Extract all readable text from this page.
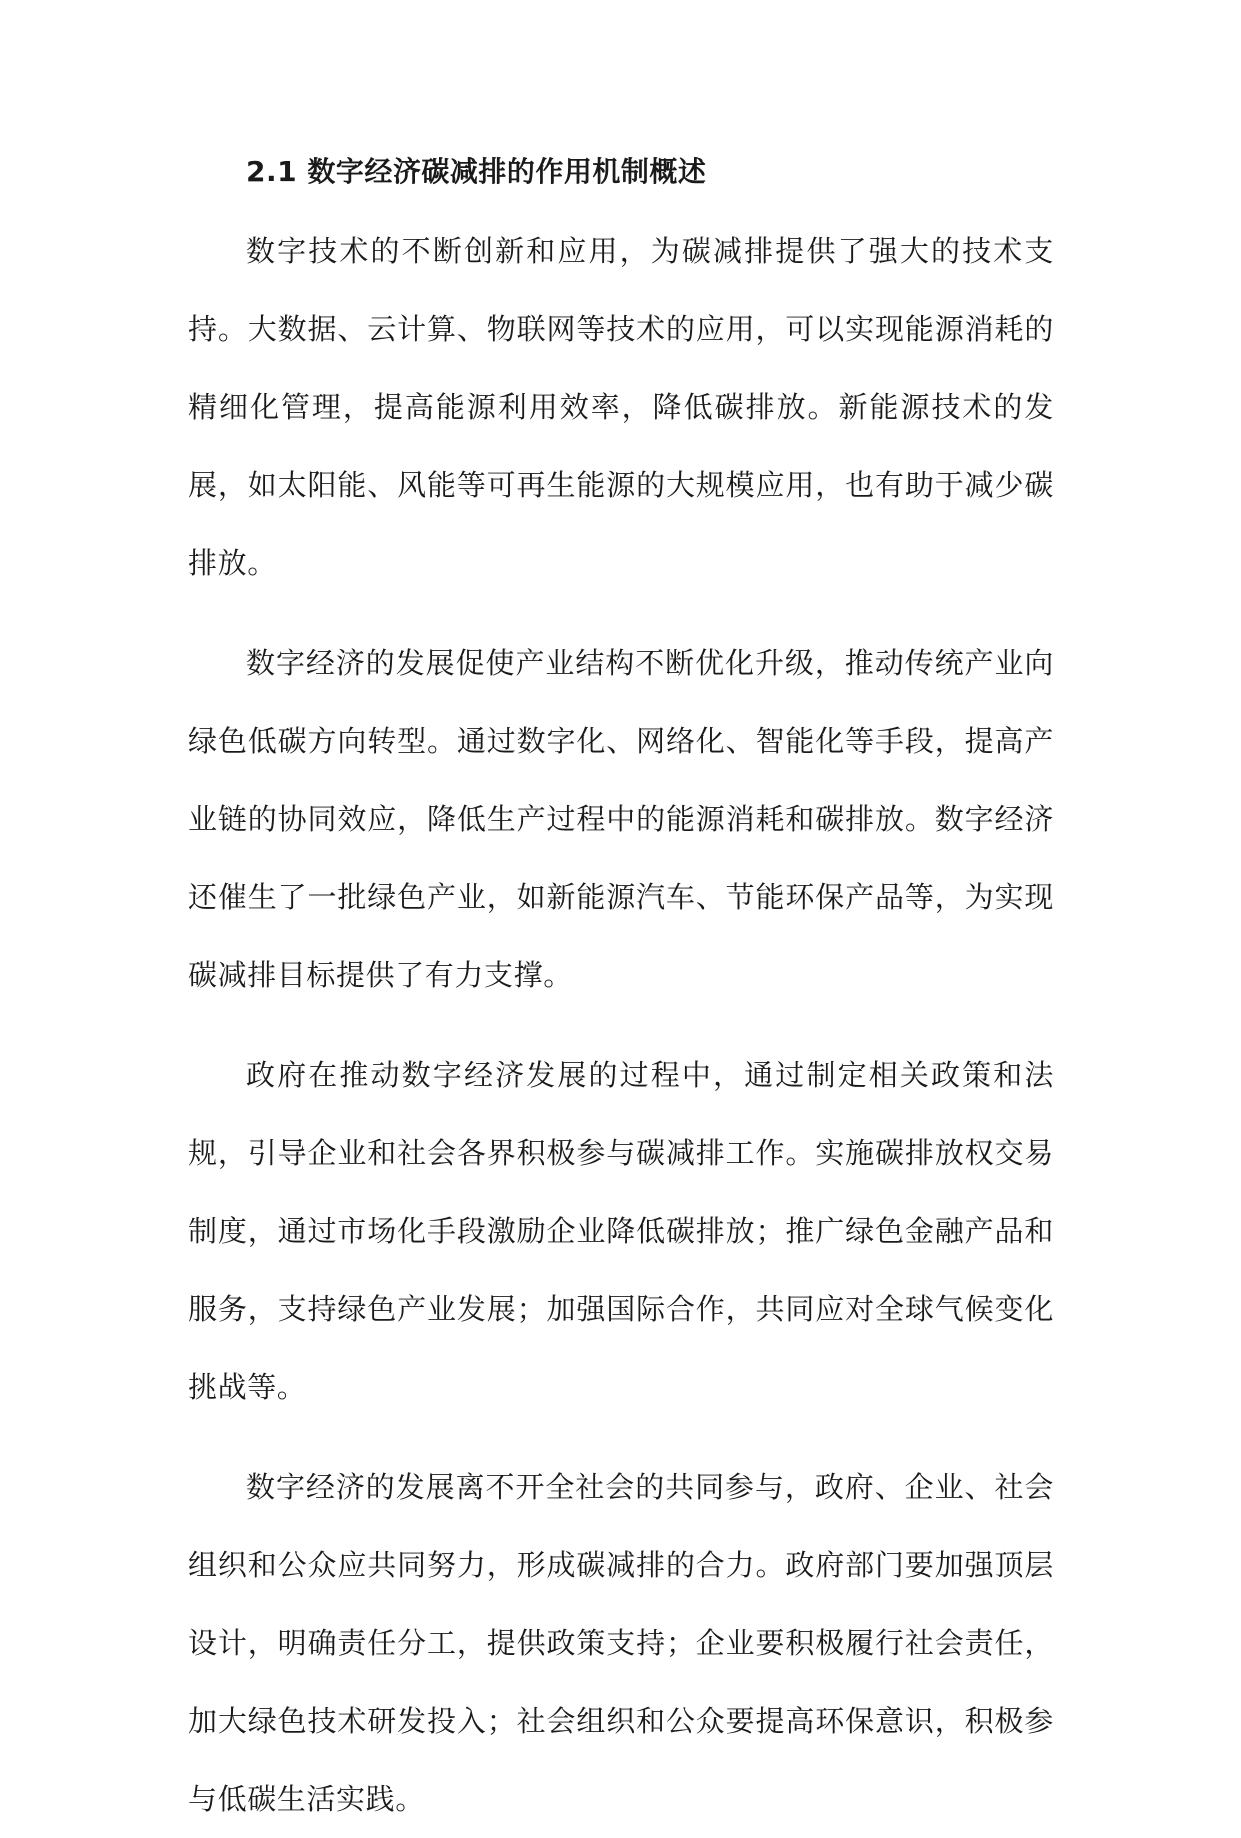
2.1 数字经济碳减排的作用机制概述

数字技术的不断创新和应用，为碳减排提供了强大的技术支持。大数据、云计算、物联网等技术的应用，可以实现能源消耗的精细化管理，提高能源利用效率，降低碳排放。新能源技术的发展，如太阳能、风能等可再生能源的大规模应用，也有助于减少碳排放。

数字经济的发展促使产业结构不断优化升级，推动传统产业向绿色低碳方向转型。通过数字化、网络化、智能化等手段，提高产业链的协同效应，降低生产过程中的能源消耗和碳排放。数字经济还催生了一批绿色产业，如新能源汽车、节能环保产品等，为实现碳减排目标提供了有力支撑。

政府在推动数字经济发展的过程中，通过制定相关政策和法规，引导企业和社会各界积极参与碳减排工作。实施碳排放权交易制度，通过市场化手段激励企业降低碳排放；推广绿色金融产品和服务，支持绿色产业发展；加强国际合作，共同应对全球气候变化挑战等。

数字经济的发展离不开全社会的共同参与，政府、企业、社会组织和公众应共同努力，形成碳减排的合力。政府部门要加强顶层设计，明确责任分工，提供政策支持；企业要积极履行社会责任，加大绿色技术研发投入；社会组织和公众要提高环保意识，积极参与低碳生活实践。
